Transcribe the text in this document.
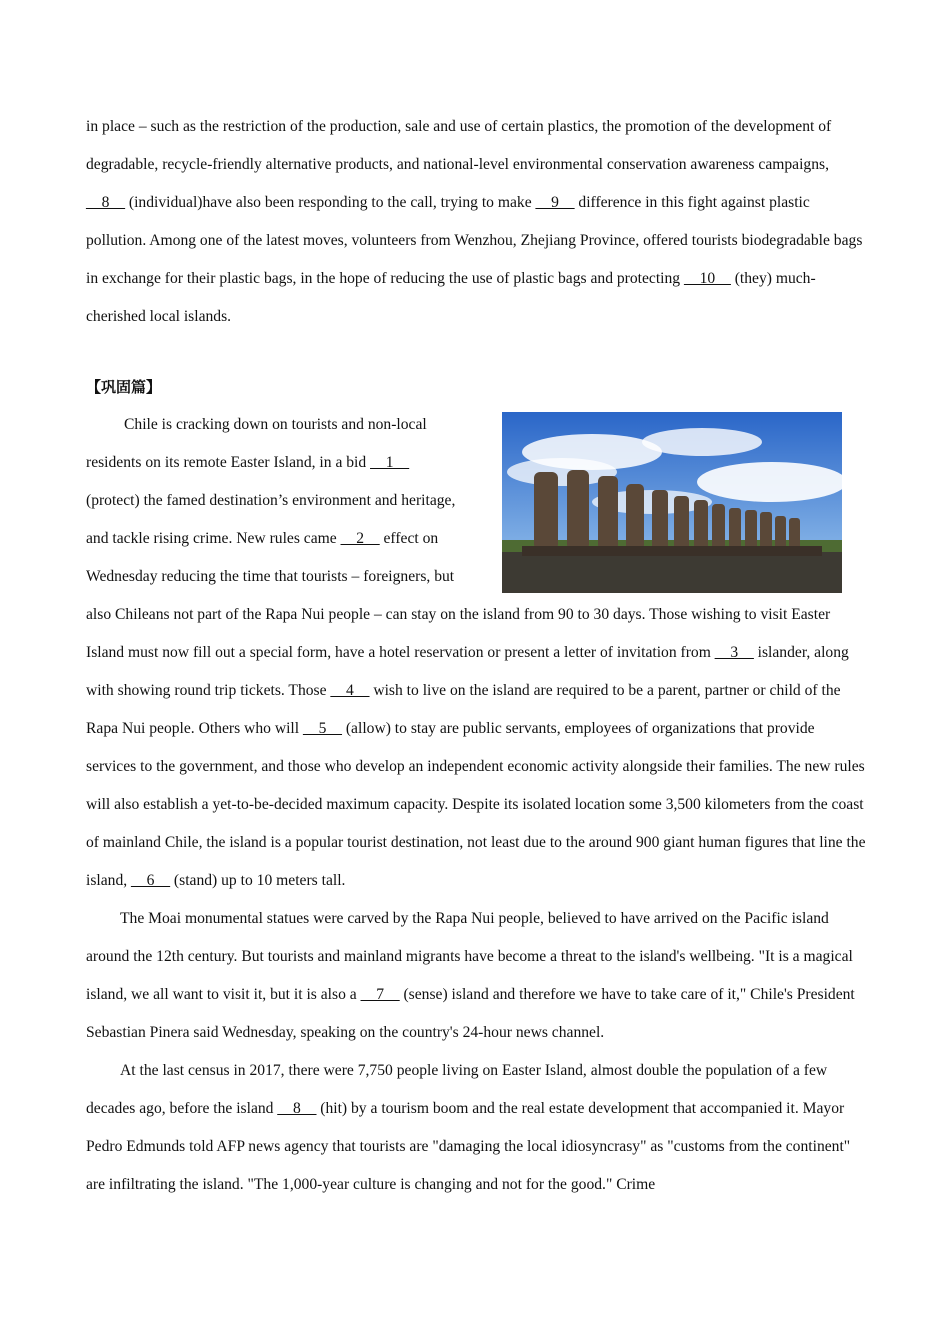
in place – such as the restriction of the production, sale and use of certain plastics, the promotion of the development of degradable, recycle-friendly alternative products, and national-level environmental conservation awareness campaigns, __8__ (individual)have also been responding to the call, trying to make __9__ difference in this fight against plastic pollution. Among one of the latest moves, volunteers from Wenzhou, Zhejiang Province, offered tourists biodegradable bags in exchange for their plastic bags, in the hope of reducing the use of plastic bags and protecting __10__ (they) much-cherished local islands.

【巩固篇】

Chile is cracking down on tourists and non-local residents on its remote Easter Island, in a bid __1__ (protect) the famed destination’s environment and heritage, and tackle rising crime. New rules came __2__ effect on Wednesday reducing the time that tourists – foreigners, but also Chileans not part of the Rapa Nui people – can stay on the island from 90 to 30 days. Those wishing to visit Easter Island must now fill out a special form, have a hotel reservation or present a letter of invitation from __3__ islander, along with showing round trip tickets. Those __4__ wish to live on the island are required to be a parent, partner or child of the Rapa Nui people. Others who will __5__ (allow) to stay are public servants, employees of organizations that provide services to the government, and those who develop an independent economic activity alongside their families. The new rules will also establish a yet-to-be-decided maximum capacity. Despite its isolated location some 3,500 kilometers from the coast of mainland Chile, the island is a popular tourist destination, not least due to the around 900 giant human figures that line the island, __6__ (stand) up to 10 meters tall.

The Moai monumental statues were carved by the Rapa Nui people, believed to have arrived on the Pacific island around the 12th century. But tourists and mainland migrants have become a threat to the island's wellbeing. "It is a magical island, we all want to visit it, but it is also a __7__ (sense) island and therefore we have to take care of it," Chile's President Sebastian Pinera said Wednesday, speaking on the country's 24-hour news channel.

At the last census in 2017, there were 7,750 people living on Easter Island, almost double the population of a few decades ago, before the island __8__ (hit) by a tourism boom and the real estate development that accompanied it. Mayor Pedro Edmunds told AFP news agency that tourists are "damaging the local idiosyncrasy" as "customs from the continent" are infiltrating the island. "The 1,000-year culture is changing and not for the good." Crime
